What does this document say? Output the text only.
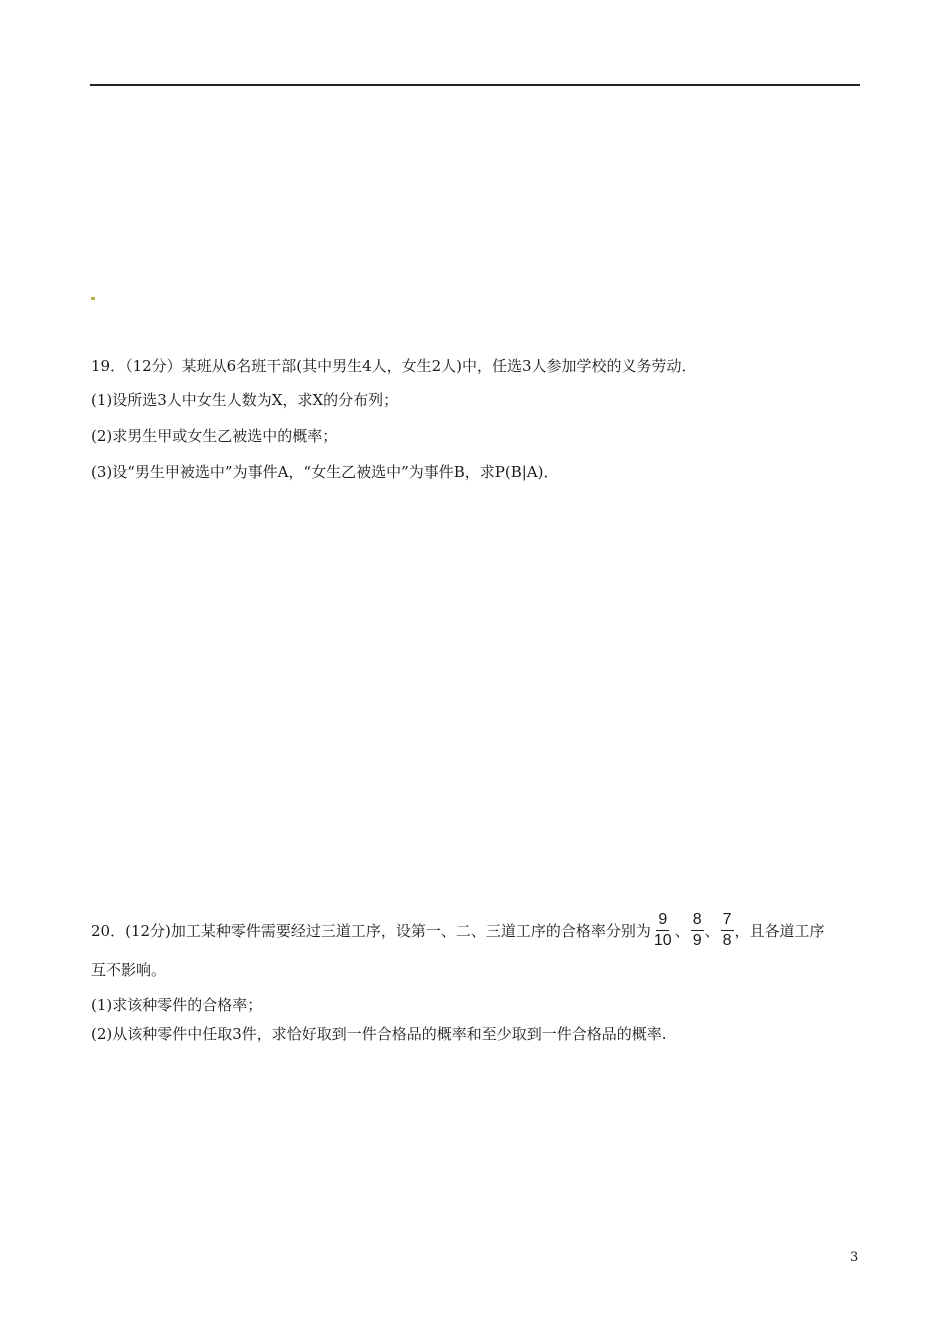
19．（12分）某班从6名班干部(其中男生4人，女生2人)中，任选3人参加学校的义务劳动．
(1)设所选3人中女生人数为X，求X的分布列；
(2)求男生甲或女生乙被选中的概率；
(3)设“男生甲被选中”为事件A，“女生乙被选中”为事件B，求P(B|A)．
20．(12分)加工某种零件需要经过三道工序，设第一、二、三道工序的合格率分别为 $\frac{9}{10}$ 、 $\frac{8}{9}$ 、 $\frac{7}{8}$ ，且各道工序
互不影响。
(1)求该种零件的合格率；
(2)从该种零件中任取3件，求恰好取到一件合格品的概率和至少取到一件合格品的概率.
3
